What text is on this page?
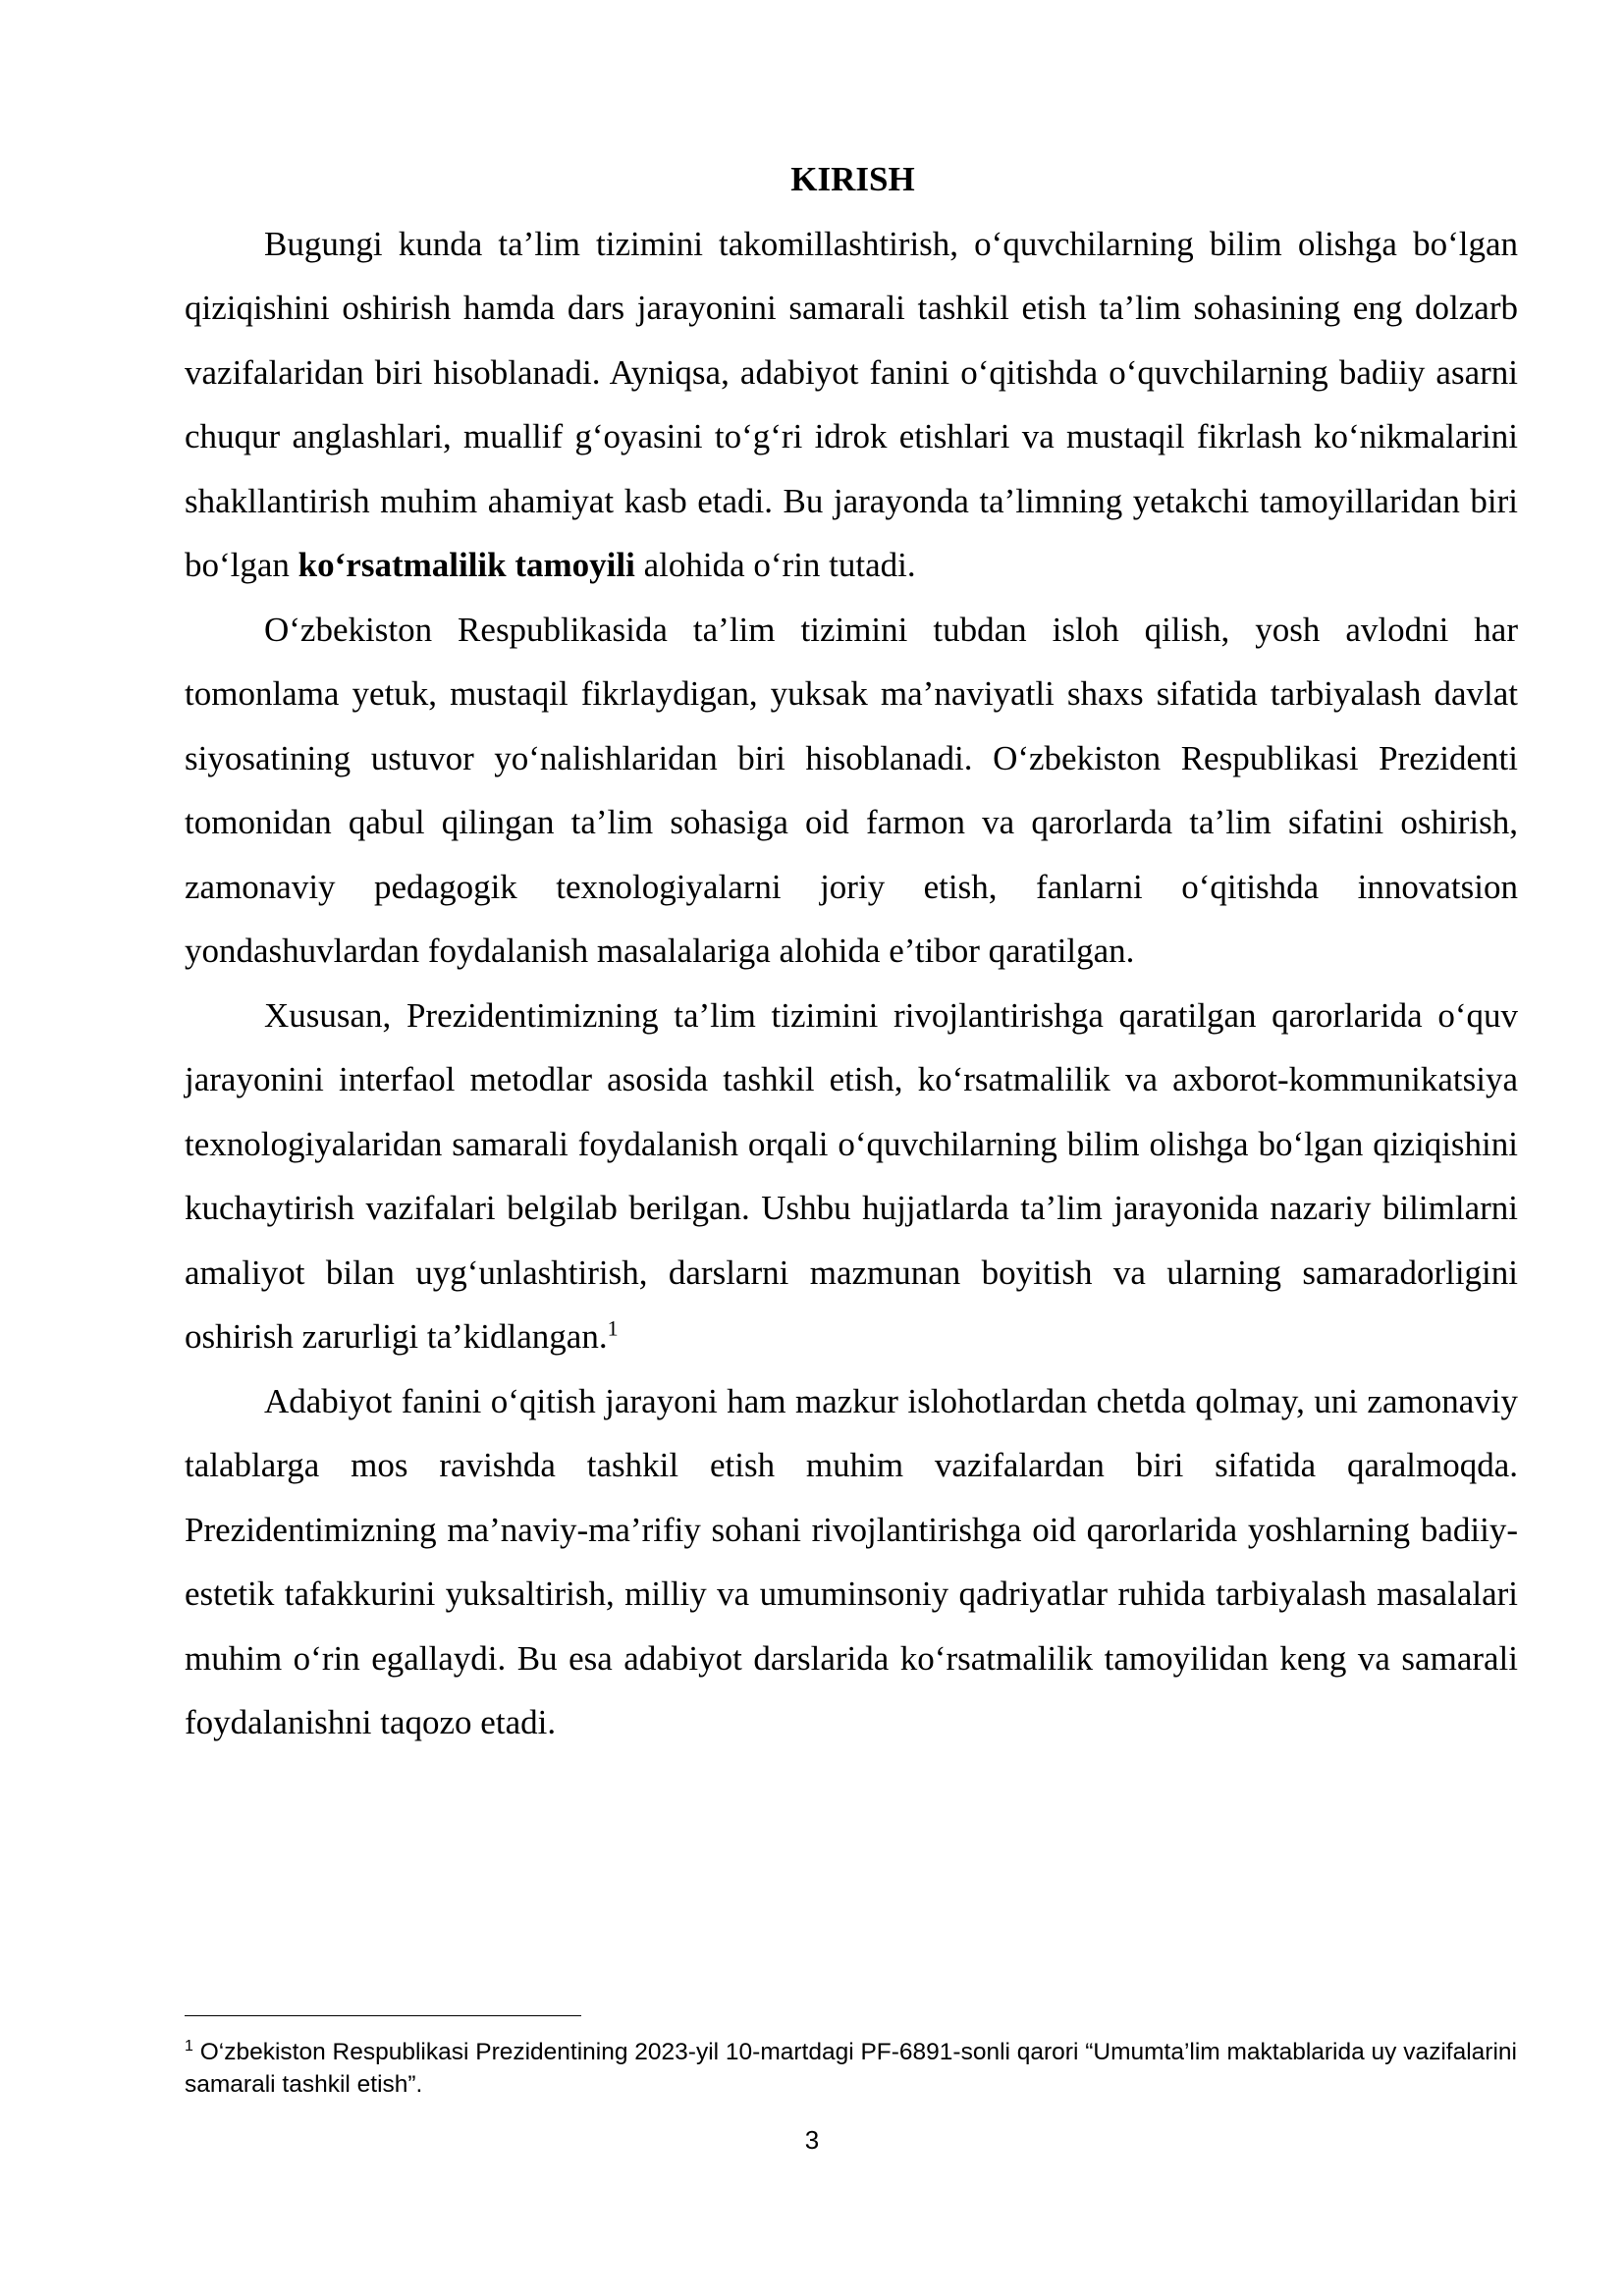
KIRISH

Bugungi kunda ta’lim tizimini takomillashtirish, o‘quvchilarning bilim olishga bo‘lgan qiziqishini oshirish hamda dars jarayonini samarali tashkil etish ta’lim sohasining eng dolzarb vazifalaridan biri hisoblanadi. Ayniqsa, adabiyot fanini o‘qitishda o‘quvchilarning badiiy asarni chuqur anglashlari, muallif g‘oyasini to‘g‘ri idrok etishlari va mustaqil fikrlash ko‘nikmalarini shakllantirish muhim ahamiyat kasb etadi. Bu jarayonda ta’limning yetakchi tamoyillaridan biri bo‘lgan ko‘rsatmalilik tamoyili alohida o‘rin tutadi.

O‘zbekiston Respublikasida ta’lim tizimini tubdan isloh qilish, yosh avlodni har tomonlama yetuk, mustaqil fikrlaydigan, yuksak ma’naviyatli shaxs sifatida tarbiyalash davlat siyosatining ustuvor yo‘nalishlaridan biri hisoblanadi. O‘zbekiston Respublikasi Prezidenti tomonidan qabul qilingan ta’lim sohasiga oid farmon va qarorlarda ta’lim sifatini oshirish, zamonaviy pedagogik texnologiyalarni joriy etish, fanlarni o‘qitishda innovatsion yondashuvlardan foydalanish masalalariga alohida e’tibor qaratilgan.

Xususan, Prezidentimizning ta’lim tizimini rivojlantirishga qaratilgan qarorlarida o‘quv jarayonini interfaol metodlar asosida tashkil etish, ko‘rsatmalilik va axborot-kommunikatsiya texnologiyalaridan samarali foydalanish orqali o‘quvchilarning bilim olishga bo‘lgan qiziqishini kuchaytirish vazifalari belgilab berilgan. Ushbu hujjatlarda ta’lim jarayonida nazariy bilimlarni amaliyot bilan uyg‘unlashtirish, darslarni mazmunan boyitish va ularning samaradorligini oshirish zarurligi ta’kidlangan.$^1$

Adabiyot fanini o‘qitish jarayoni ham mazkur islohotlardan chetda qolmay, uni zamonaviy talablarga mos ravishda tashkil etish muhim vazifalardan biri sifatida qaralmoqda. Prezidentimizning ma’naviy-ma’rifiy sohani rivojlantirishga oid qarorlarida yoshlarning badiiy-estetik tafakkurini yuksaltirish, milliy va umuminsoniy qadriyatlar ruhida tarbiyalash masalalari muhim o‘rin egallaydi. Bu esa adabiyot darslarida ko‘rsatmalilik tamoyilidan keng va samarali foydalanishni taqozo etadi.

$^1$ O‘zbekiston Respublikasi Prezidentining 2023-yil 10-martdagi PF-6891-sonli qarori “Umumta’lim maktablarida uy vazifalarini samarali tashkil etish”.

3
